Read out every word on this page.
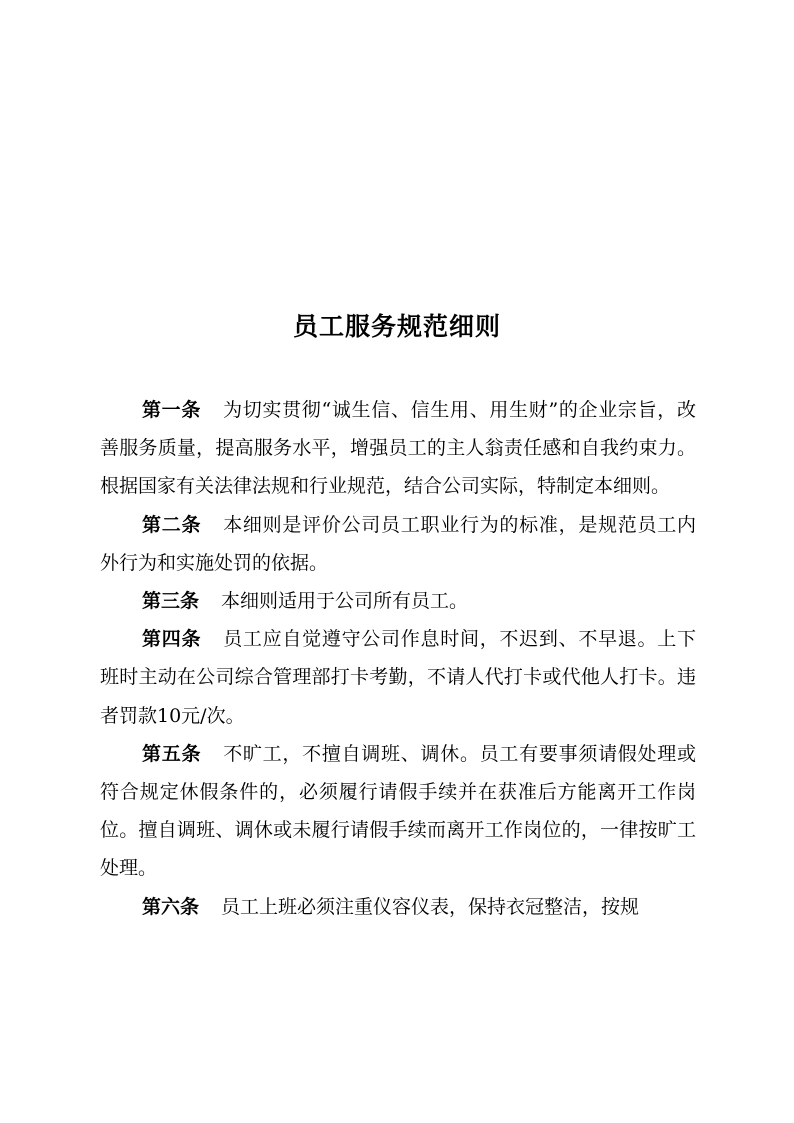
员工服务规范细则

第一条 为切实贯彻“诚生信、信生用、用生财”的企业宗旨，改善服务质量，提高服务水平，增强员工的主人翁责任感和自我约束力。根据国家有关法律法规和行业规范，结合公司实际，特制定本细则。

第二条 本细则是评价公司员工职业行为的标准，是规范员工内外行为和实施处罚的依据。

第三条 本细则适用于公司所有员工。

第四条 员工应自觉遵守公司作息时间，不迟到、不早退。上下班时主动在公司综合管理部打卡考勤，不请人代打卡或代他人打卡。违者罚款10元/次。

第五条 不旷工，不擅自调班、调休。员工有要事须请假处理或符合规定休假条件的，必须履行请假手续并在获准后方能离开工作岗位。擅自调班、调休或未履行请假手续而离开工作岗位的，一律按旷工处理。

第六条 员工上班必须注重仪容仪表，保持衣冠整洁，按规
